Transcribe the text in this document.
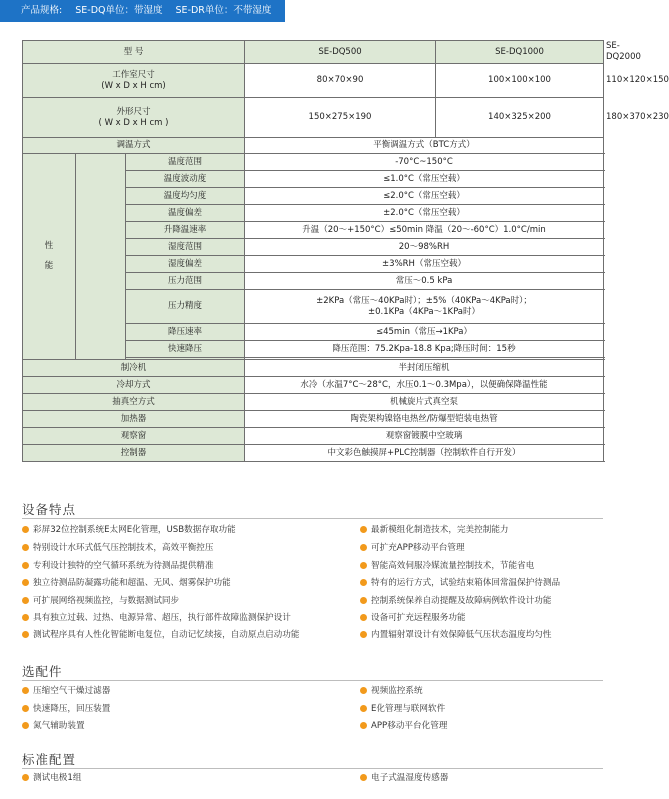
产品规格: SE-DQ单位：带湿度 SE-DR单位：不带湿度
型 号			SE-DQ500	SE-DQ1000	SE-DQ2000

工作室尺寸
(W x D x H cm)			80×70×90	100×100×100	110×120×150

外形尺寸
( W x D x H cm )			150×275×190	140×325×200	180×370×230
调温方式			平衡调温方式（BTC方式）		

性
能		温度范围	-70°C~150°C		
		温度波动度	≤1.0°C（常压空载）		
		温度均匀度	≤2.0°C（常压空载）		
		温度偏差	±2.0°C（常压空载）		
		升降温速率	升温（20～+150°C）≤50min 降温（20～-60°C）1.0°C/min		
		湿度范围	20～98%RH		
		湿度偏差	±3%RH（常压空载）		
		压力范围	常压～0.5 kPa		
		压力精度	±2KPa（常压～40KPa时）；±5%（40KPa～4KPa时）；
±0.1KPa（4KPa～1KPa时）		

		降压速率	≤45min（常压→1KPa）		
		快速降压	降压范围：75.2Kpa-18.8 Kpa;降压时间：15秒		

制冷机			半封闭压缩机		
冷却方式			水冷（水温7°C～28°C，水压0.1～0.3Mpa），以便确保降温性能		
抽真空方式			机械旋片式真空泵		
加热器			陶瓷架构镍铬电热丝/防爆型铠装电热管		
观察窗			观察窗镀膜中空玻璃		
控制器			中文彩色触摸屏+PLC控制器（控制软件自行开发）		
设备特点
彩屏32位控制系统E太网E化管理，USB数据存取功能
特别设计水环式低气压控制技术，高效平衡控压
专利设计独特的空气循环系统为待测品提供精准
独立待测品防凝露功能和超温、无风、烟雾保护功能
可扩展网络视频监控，与数据测试同步
具有独立过载、过热、电源异常、超压，执行部件故障监测保护设计
测试程序具有人性化智能断电复位，自动记忆续接，自动原点启动功能
最新模组化制造技术，完美控制能力
可扩充APP移动平台管理
智能高效伺服冷媒流量控制技术，节能省电
特有的运行方式，试验结束箱体回常温保护待测品
控制系统保养自动提醒及故障病例软件设计功能
设备可扩充远程服务功能
内置辐射罩设计有效保障低气压状态温度均匀性
选配件
压缩空气干燥过滤器
快速降压，回压装置
氮气辅助装置
视频监控系统
E化管理与联网软件
APP移动平台化管理
标准配置
测试电极1组	电子式温湿度传感器
